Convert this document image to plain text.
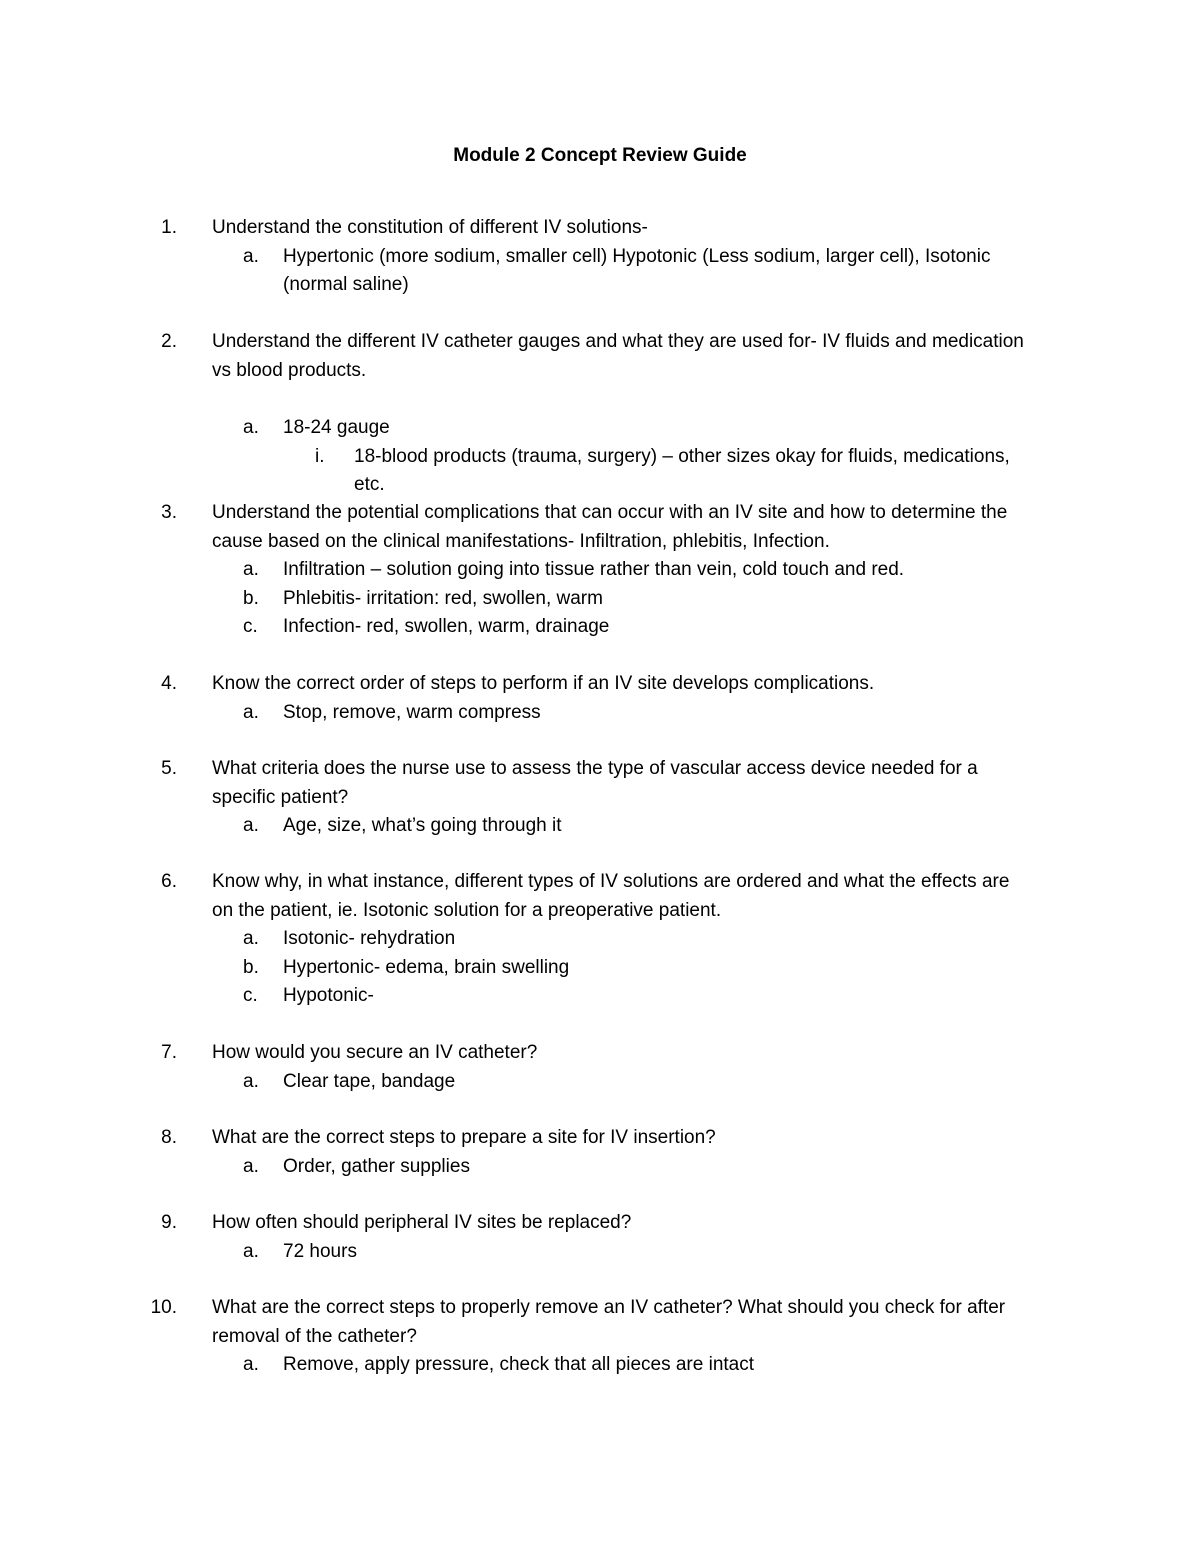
Module 2 Concept Review Guide
1. Understand the constitution of different IV solutions-
a. Hypertonic (more sodium, smaller cell) Hypotonic (Less sodium, larger cell), Isotonic
(normal saline)
2. Understand the different IV catheter gauges and what they are used for- IV fluids and medication
vs blood products.
a. 18-24 gauge
i. 18-blood products (trauma, surgery) – other sizes okay for fluids, medications,
etc.
3. Understand the potential complications that can occur with an IV site and how to determine the
cause based on the clinical manifestations- Infiltration, phlebitis, Infection.
a. Infiltration – solution going into tissue rather than vein, cold touch and red.
b. Phlebitis- irritation: red, swollen, warm
c. Infection- red, swollen, warm, drainage
4. Know the correct order of steps to perform if an IV site develops complications.
a. Stop, remove, warm compress
5. What criteria does the nurse use to assess the type of vascular access device needed for a
specific patient?
a. Age, size, what’s going through it
6. Know why, in what instance, different types of IV solutions are ordered and what the effects are
on the patient, ie. Isotonic solution for a preoperative patient.
a. Isotonic- rehydration
b. Hypertonic- edema, brain swelling
c. Hypotonic-
7. How would you secure an IV catheter?
a. Clear tape, bandage
8. What are the correct steps to prepare a site for IV insertion?
a. Order, gather supplies
9. How often should peripheral IV sites be replaced?
a. 72 hours
10. What are the correct steps to properly remove an IV catheter? What should you check for after
removal of the catheter?
a. Remove, apply pressure, check that all pieces are intact
